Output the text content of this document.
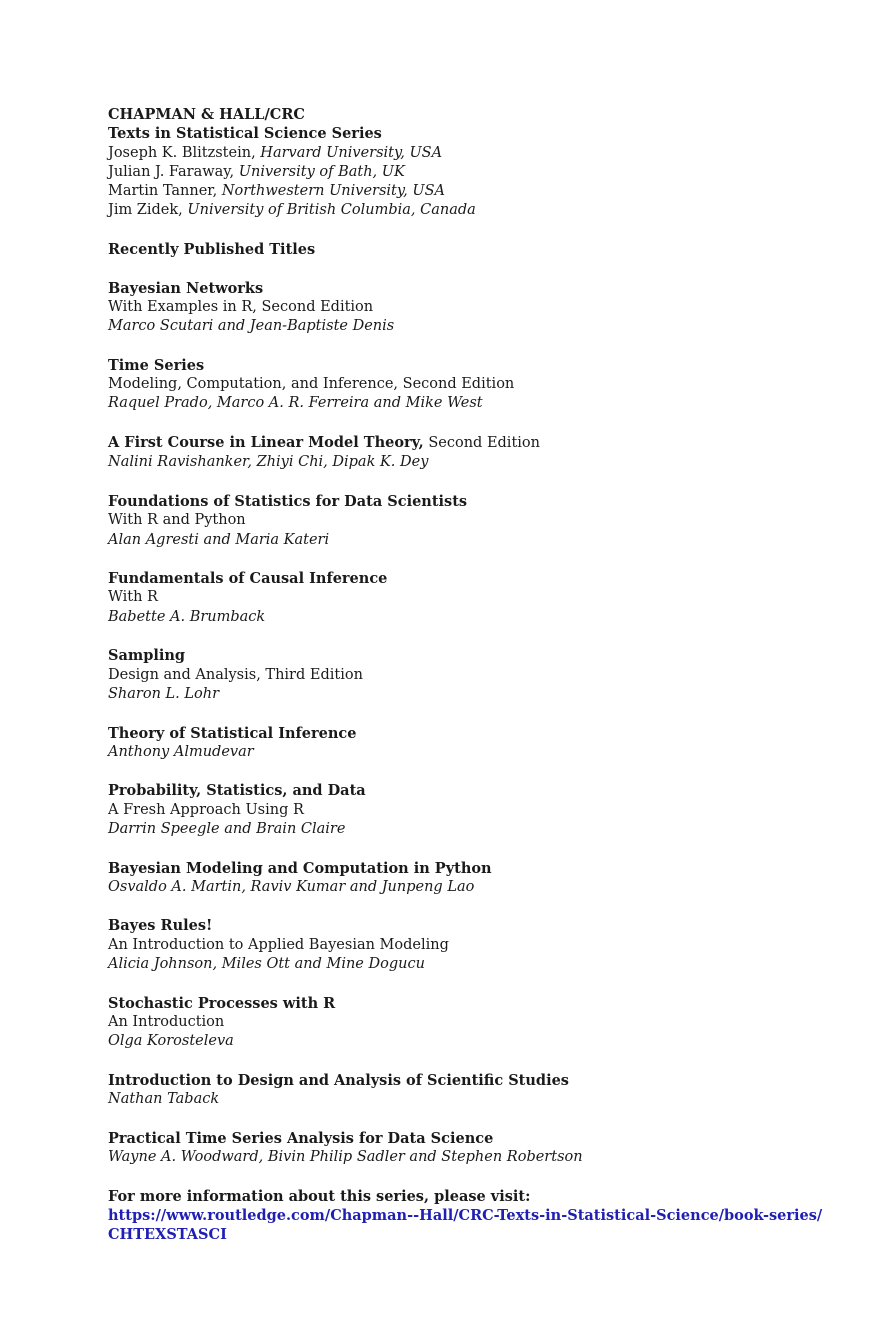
CHAPMAN & HALL/CRC
Texts in Statistical Science Series
Joseph K. Blitzstein, Harvard University, USA
Julian J. Faraway, University of Bath, UK
Martin Tanner, Northwestern University, USA
Jim Zidek, University of British Columbia, Canada
Recently Published Titles
Bayesian Networks
With Examples in R, Second Edition
Marco Scutari and Jean-Baptiste Denis
Time Series
Modeling, Computation, and Inference, Second Edition
Raquel Prado, Marco A. R. Ferreira and Mike West
A First Course in Linear Model Theory, Second Edition
Nalini Ravishanker, Zhiyi Chi, Dipak K. Dey
Foundations of Statistics for Data Scientists
With R and Python
Alan Agresti and Maria Kateri
Fundamentals of Causal Inference
With R
Babette A. Brumback
Sampling
Design and Analysis, Third Edition
Sharon L. Lohr
Theory of Statistical Inference
Anthony Almudevar
Probability, Statistics, and Data
A Fresh Approach Using R
Darrin Speegle and Brain Claire
Bayesian Modeling and Computation in Python
Osvaldo A. Martin, Raviv Kumar and Junpeng Lao
Bayes Rules!
An Introduction to Applied Bayesian Modeling
Alicia Johnson, Miles Ott and Mine Dogucu
Stochastic Processes with R
An Introduction
Olga Korosteleva
Introduction to Design and Analysis of Scientific Studies
Nathan Taback
Practical Time Series Analysis for Data Science
Wayne A. Woodward, Bivin Philip Sadler and Stephen Robertson
For more information about this series, please visit:
https://www.routledge.com/Chapman--Hall/CRC-Texts-in-Statistical-Science/book-series/
CHTEXSTASCI
